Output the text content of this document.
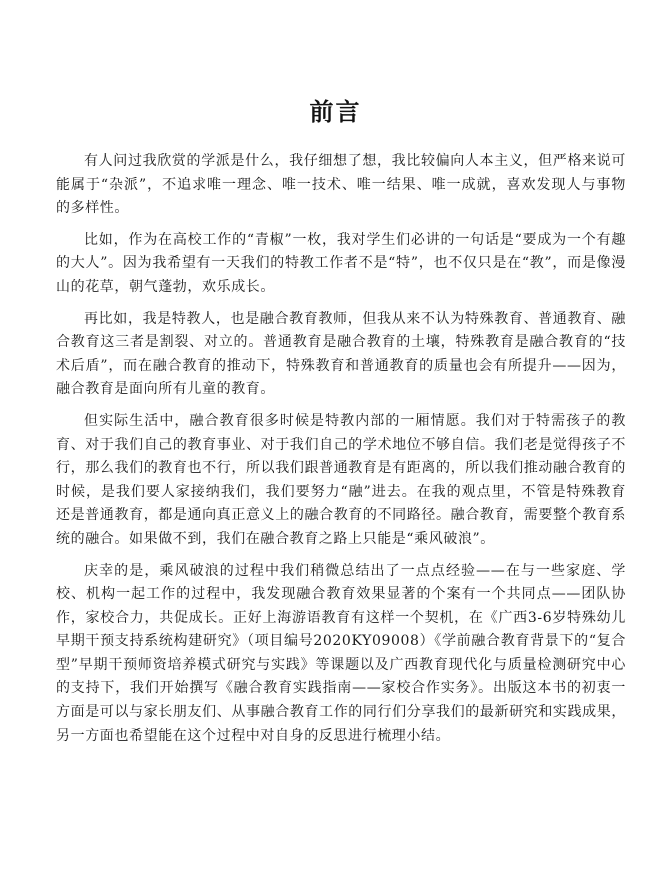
前言

有人问过我欣赏的学派是什么，我仔细想了想，我比较偏向人本主义，但严格来说可能属于“杂派”，不追求唯一理念、唯一技术、唯一结果、唯一成就，喜欢发现人与事物的多样性。

比如，作为在高校工作的“青椒”一枚，我对学生们必讲的一句话是“要成为一个有趣的大人”。因为我希望有一天我们的特教工作者不是“特”，也不仅只是在“教”，而是像漫山的花草，朝气蓬勃，欢乐成长。

再比如，我是特教人，也是融合教育教师，但我从来不认为特殊教育、普通教育、融合教育这三者是割裂、对立的。普通教育是融合教育的土壤，特殊教育是融合教育的“技术后盾”，而在融合教育的推动下，特殊教育和普通教育的质量也会有所提升——因为，融合教育是面向所有儿童的教育。

但实际生活中，融合教育很多时候是特教内部的一厢情愿。我们对于特需孩子的教育、对于我们自己的教育事业、对于我们自己的学术地位不够自信。我们老是觉得孩子不行，那么我们的教育也不行，所以我们跟普通教育是有距离的，所以我们推动融合教育的时候，是我们要人家接纳我们，我们要努力“融”进去。在我的观点里，不管是特殊教育还是普通教育，都是通向真正意义上的融合教育的不同路径。融合教育，需要整个教育系统的融合。如果做不到，我们在融合教育之路上只能是“乘风破浪”。

庆幸的是，乘风破浪的过程中我们稍微总结出了一点点经验——在与一些家庭、学校、机构一起工作的过程中，我发现融合教育效果显著的个案有一个共同点——团队协作，家校合力，共促成长。正好上海游语教育有这样一个契机，在《广西3-6岁特殊幼儿早期干预支持系统构建研究》（项目编号2020KY09008）《学前融合教育背景下的“复合型”早期干预师资培养模式研究与实践》等课题以及广西教育现代化与质量检测研究中心的支持下，我们开始撰写《融合教育实践指南——家校合作实务》。出版这本书的初衷一方面是可以与家长朋友们、从事融合教育工作的同行们分享我们的最新研究和实践成果，另一方面也希望能在这个过程中对自身的反思进行梳理小结。
